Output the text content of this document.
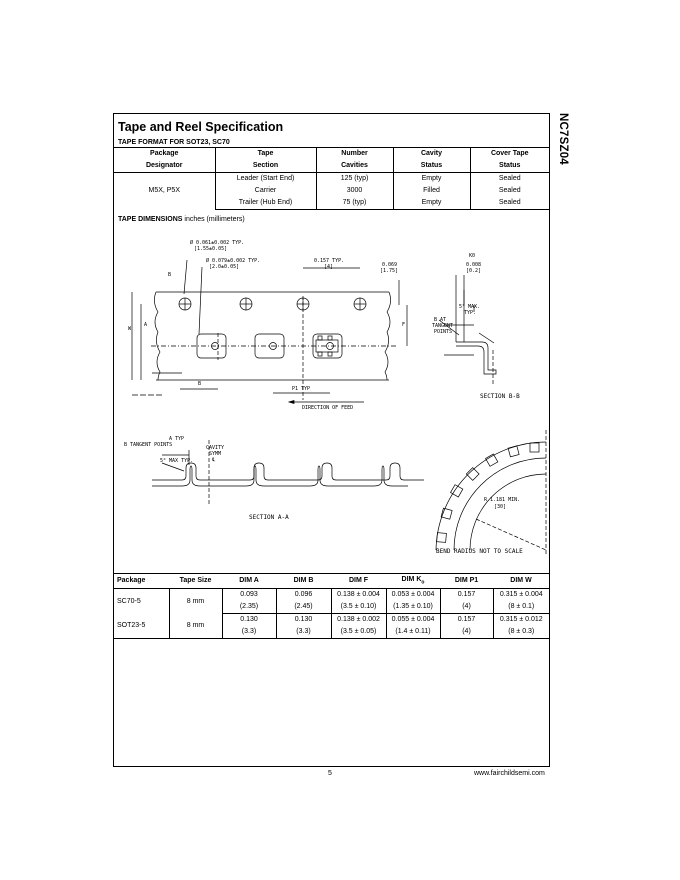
NC7SZ04
Tape and Reel Specification
TAPE FORMAT FOR SOT23, SC70
Package	Tape	Number	Cavity	Cover Tape
Designator	Section	Cavities	Status	Status
M5X, P5X	Leader (Start End)	125 (typ)	Empty	Sealed
	Carrier	3000	Filled	Sealed
	Trailer (Hub End)	75 (typ)	Empty	Sealed
TAPE DIMENSIONS inches (millimeters)
Ø 0.061±0.002 TYP.
[1.55±0.05]
B
Ø 0.079±0.002 TYP.
[2.0±0.05]
0.157 TYP.
[4]	0.069
[1.75]
W
A	F
B
P1 TYP
DIRECTION OF FEED
K0
0.008
[0.2]
5° MAX.
TYP.
B AT
TANGENT
POINTS
SECTION B-B
A TYP
B TANGENT POINTS	CAVITY
SYMM
℄
5° MAX TYP.
SECTION A-A
R 1.181 MIN.
[30]
BEND RADIUS NOT TO SCALE
Package	Tape Size	DIM A	DIM B	DIM F	DIM $K_o$	DIM P1	DIM W
SC70-5	8 mm	0.093	0.096	0.138 ± 0.004	0.053 ± 0.004	0.157	0.315 ± 0.004
		(2.35)	(2.45)	(3.5 ± 0.10)	(1.35 ± 0.10)	(4)	(8 ± 0.1)
SOT23-5	8 mm	0.130	0.130	0.138 ± 0.002	0.055 ± 0.004	0.157	0.315 ± 0.012
		(3.3)	(3.3)	(3.5 ± 0.05)	(1.4 ± 0.11)	(4)	(8 ± 0.3)
5	www.fairchildsemi.com
